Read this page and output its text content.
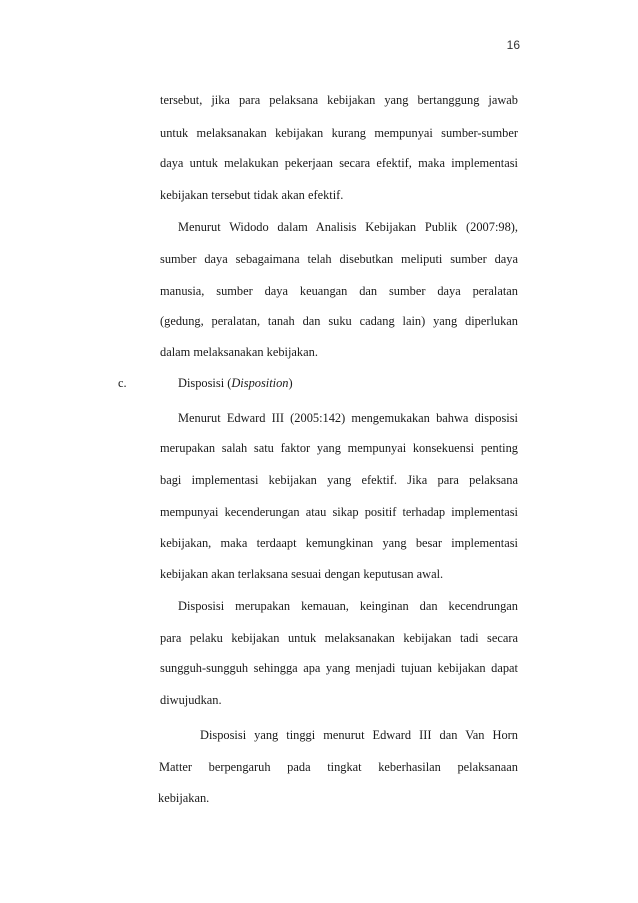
16
tersebut, jika para pelaksana kebijakan yang bertanggung jawab
untuk melaksanakan kebijakan kurang mempunyai sumber-sumber
daya untuk melakukan pekerjaan secara efektif, maka implementasi
kebijakan tersebut tidak akan efektif.
Menurut Widodo dalam Analisis Kebijakan Publik (2007:98),
sumber daya sebagaimana telah disebutkan meliputi sumber daya
manusia, sumber daya keuangan dan sumber daya peralatan
(gedung, peralatan, tanah dan suku cadang lain) yang diperlukan
dalam melaksanakan kebijakan.
c.	Disposisi (Disposition)
Menurut Edward III (2005:142) mengemukakan bahwa disposisi
merupakan salah satu faktor yang mempunyai konsekuensi penting
bagi implementasi kebijakan yang efektif. Jika para pelaksana
mempunyai kecenderungan atau sikap positif terhadap implementasi
kebijakan, maka terdaapt kemungkinan yang besar implementasi
kebijakan akan terlaksana sesuai dengan keputusan awal.
Disposisi merupakan kemauan, keinginan dan kecendrungan
para pelaku kebijakan untuk melaksanakan kebijakan tadi secara
sungguh-sungguh sehingga apa yang menjadi tujuan kebijakan dapat
diwujudkan.
Disposisi yang tinggi menurut Edward III dan Van Horn
Matter berpengaruh pada tingkat keberhasilan pelaksanaan
kebijakan.
